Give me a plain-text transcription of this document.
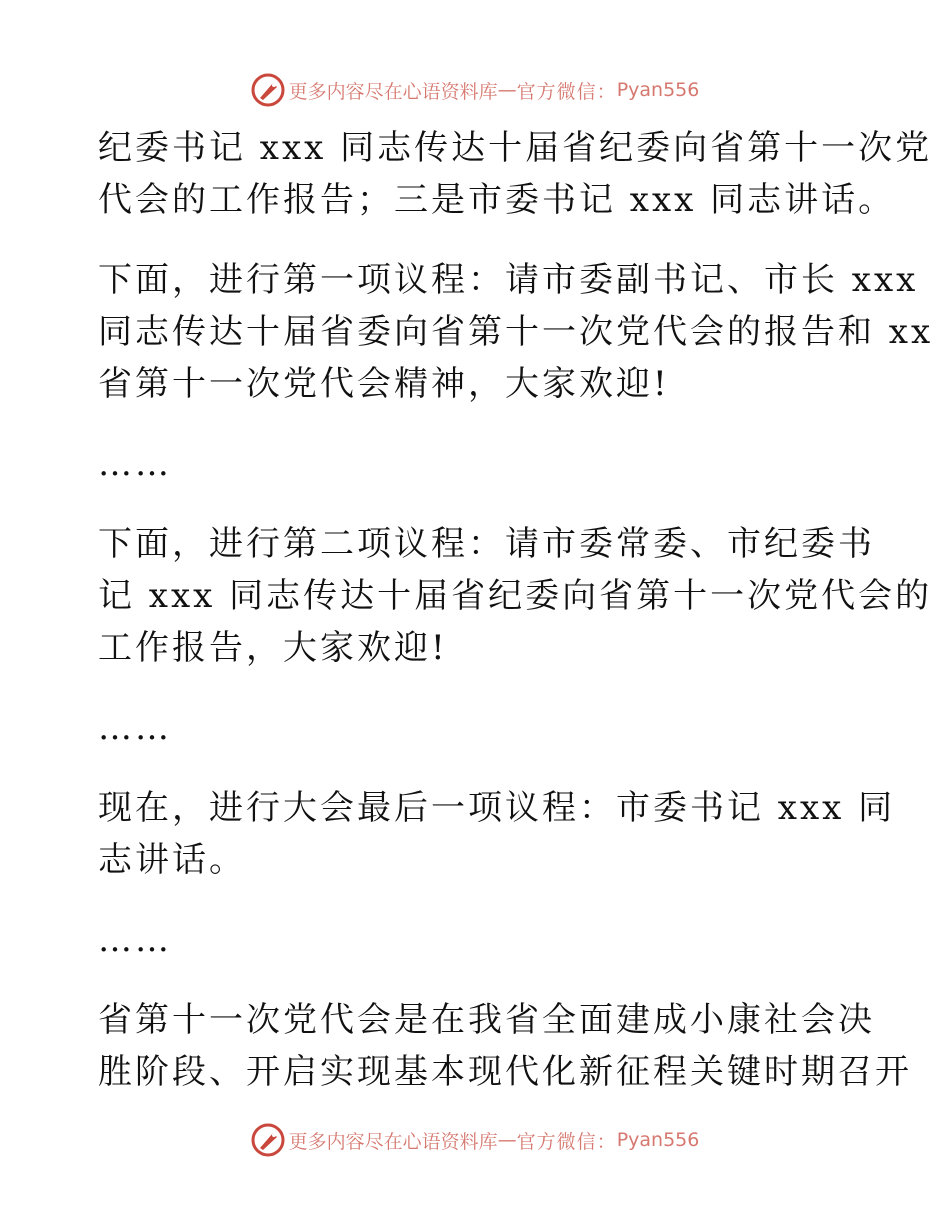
更多内容尽在心语资料库 — 官方微信： Pyan556
纪委书记 xxx 同志传达十届省纪委向省第十一次党
代会的工作报告；三是市委书记 xxx 同志讲话。
下面，进行第一项议程：请市委副书记、市长 xxx
同志传达十届省委向省第十一次党代会的报告和 xx
省第十一次党代会精神，大家欢迎!
……
下面，进行第二项议程：请市委常委、市纪委书
记 xxx 同志传达十届省纪委向省第十一次党代会的
工作报告，大家欢迎!
……
现在，进行大会最后一项议程：市委书记 xxx 同
志讲话。
……
省第十一次党代会是在我省全面建成小康社会决
胜阶段、开启实现基本现代化新征程关键时期召开
更多内容尽在心语资料库 — 官方微信： Pyan556
